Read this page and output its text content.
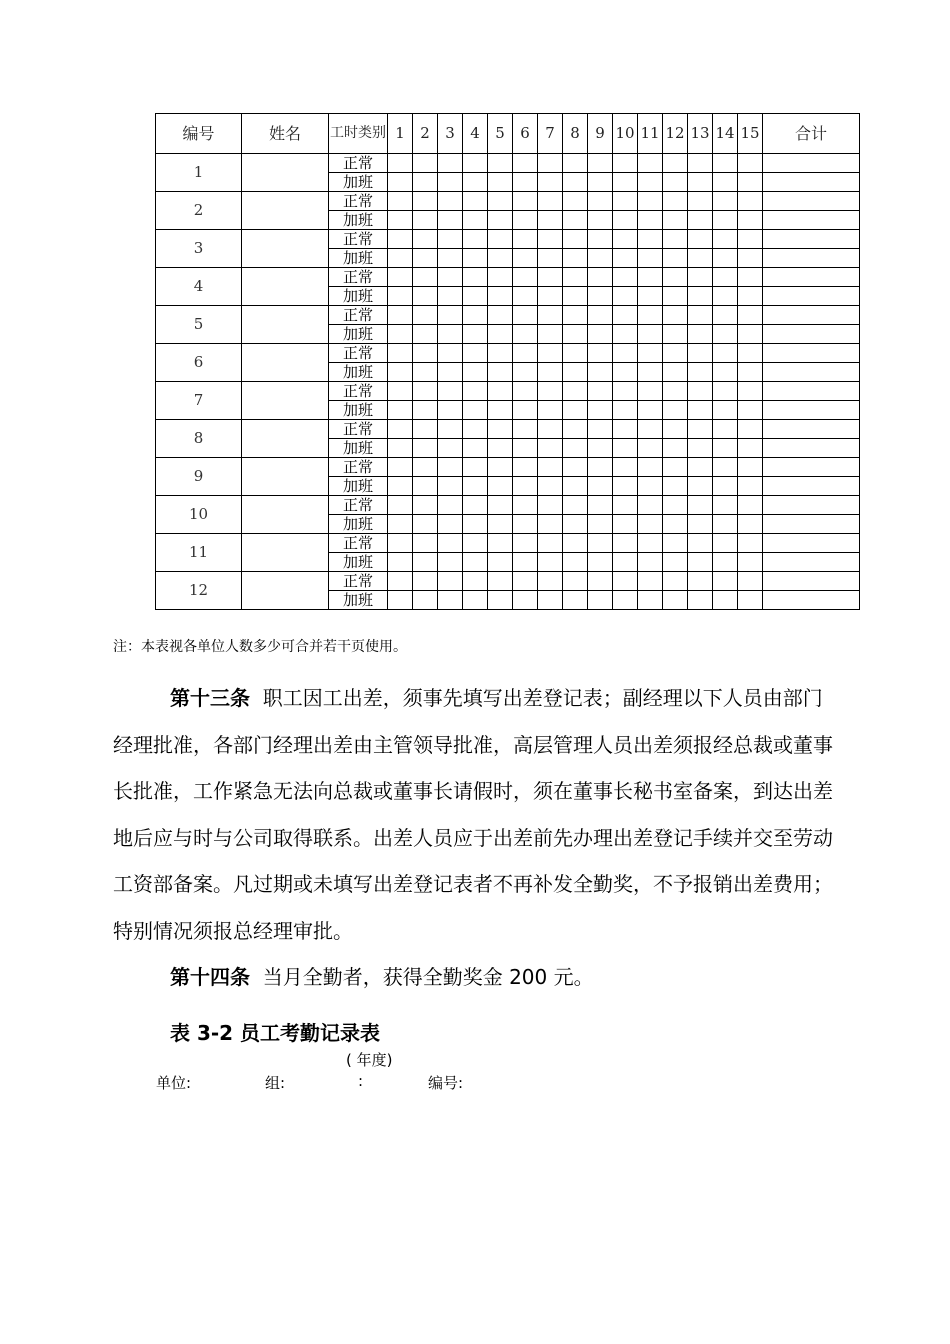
编号	姓名	工时类别	1	2	3	4	5	6	7	8	9	10	11	12	13	14	15	合计
1		正常																
		加班																
2		正常																
		加班																
3		正常																
		加班																
4		正常																
		加班																
5		正常																
		加班																
6		正常																
		加班																
7		正常																
		加班																
8		正常																
		加班																
9		正常																
		加班																
10		正常																
		加班																
11		正常																
		加班																
12		正常																
		加班																
注：本表视各单位人数多少可合并若干页使用。
第十三条 职工因工出差，须事先填写出差登记表；副经理以下人员由部门经理批准，各部门经理出差由主管领导批准，高层管理人员出差须报经总裁或董事长批准，工作紧急无法向总裁或董事长请假时，须在董事长秘书室备案，到达出差地后应与时与公司取得联系。出差人员应于出差前先办理出差登记手续并交至劳动工资部备案。凡过期或未填写出差登记表者不再补发全勤奖，不予报销出差费用；特别情况须报总经理审批。
第十四条 当月全勤者，获得全勤奖金 200 元。
表 3-2 员工考勤记录表
( 年度)
单位:	组:	:	编号:
